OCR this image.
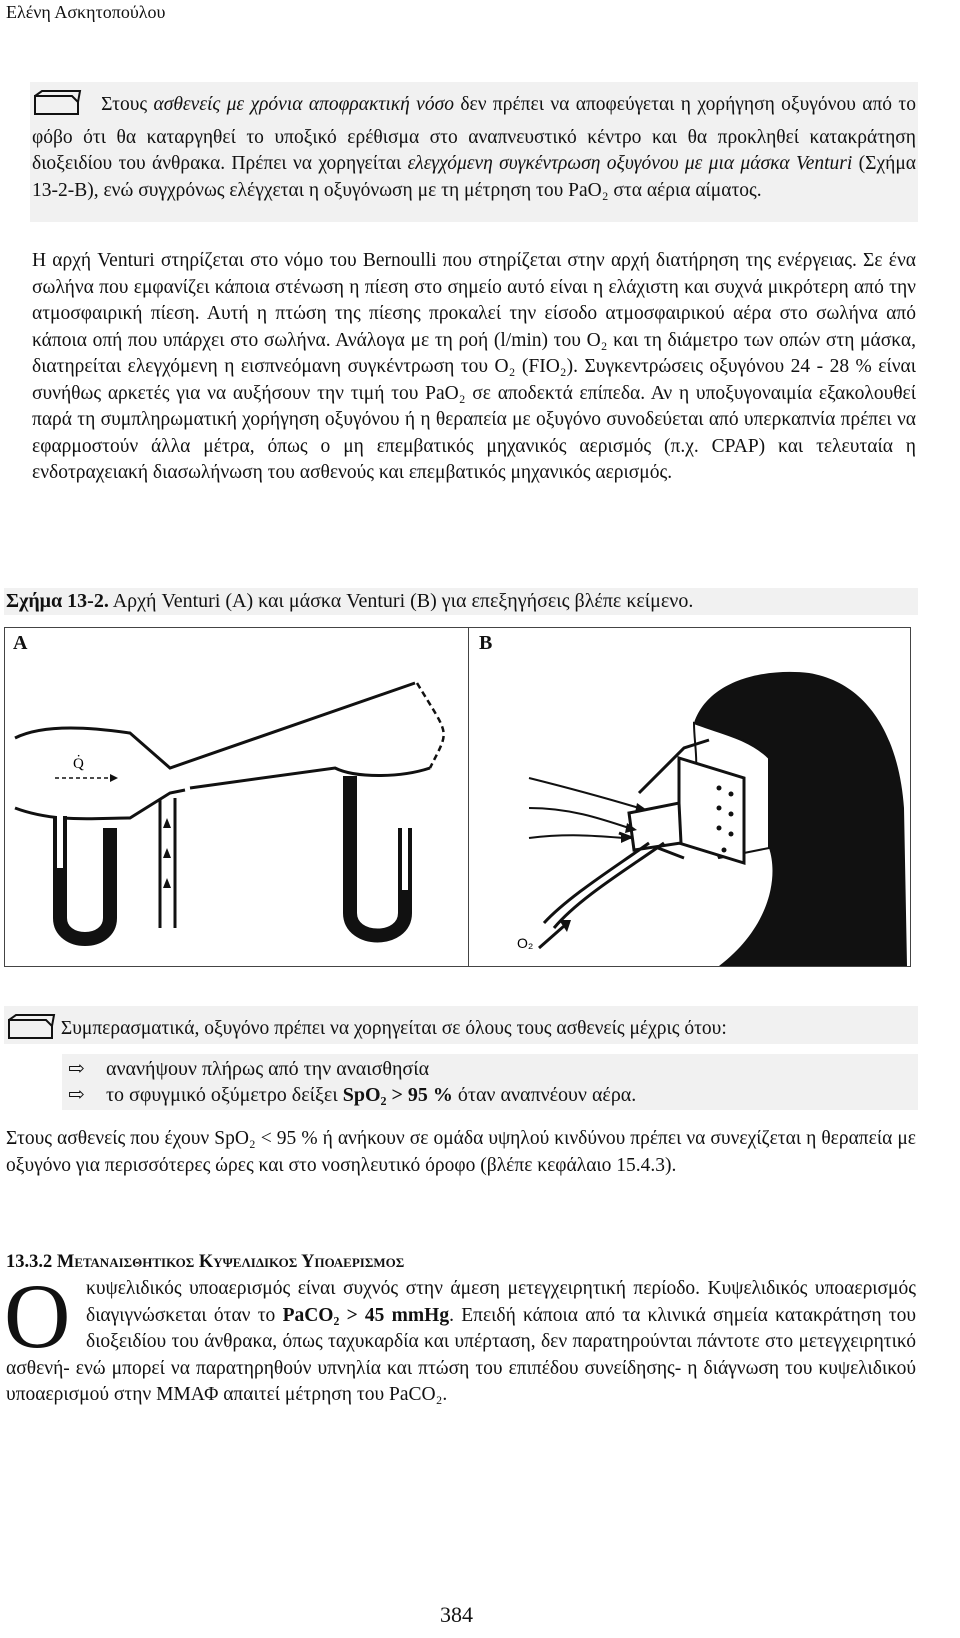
Ελένη Ασκητοπούλου
Στους ασθενείς με χρόνια αποφρακτική νόσο δεν πρέπει να αποφεύγεται η χορήγηση οξυγόνου από το φόβο ότι θα καταργηθεί το υποξικό ερέθισμα στο αναπνευστικό κέντρο και θα προκληθεί κατακράτηση διοξειδίου του άνθρακα. Πρέπει να χορηγείται ελεγχόμενη συγκέντρωση οξυγόνου με μια μάσκα Venturi (Σχήμα 13-2-Β), ενώ συγχρόνως ελέγχεται η οξυγόνωση με τη μέτρηση του PaO₂ στα αέρια αίματος.

Η αρχή Venturi στηρίζεται στο νόμο του Bernoulli που στηρίζεται στην αρχή διατήρηση της ενέργειας. Σε ένα σωλήνα που εμφανίζει κάποια στένωση η πίεση στο σημείο αυτό είναι η ελάχιστη και συχνά μικρότερη από την ατμοσφαιρική πίεση. Αυτή η πτώση της πίεσης προκαλεί την είσοδο ατμοσφαιρικού αέρα στο σωλήνα από κάποια οπή που υπάρχει στο σωλήνα. Ανάλογα με τη ροή (l/min) του O₂ και τη διάμετρο των οπών στη μάσκα, διατηρείται ελεγχόμενη η εισπνεόμανη συγκέντρωση του O₂ (FIO₂). Συγκεντρώσεις οξυγόνου 24 - 28 % είναι συνήθως αρκετές για να αυξήσουν την τιμή του PaO₂ σε αποδεκτά επίπεδα. Αν η υποξυγοναιμία εξακολουθεί παρά τη συμπληρωματική χορήγηση οξυγόνου ή η θεραπεία με οξυγόνο συνοδεύεται από υπερκαπνία πρέπει να εφαρμοστούν άλλα μέτρα, όπως ο μη επεμβατικός μηχανικός αερισμός (π.χ. CPAP) και τελευταία η ενδοτραχειακή διασωλήνωση του ασθενούς και επεμβατικός μηχανικός αερισμός.

Σχήμα 13-2. Αρχή Venturi (A) και μάσκα Venturi (B) για επεξηγήσεις βλέπε κείμενο.
A
Q̇
B
O₂
Συμπερασματικά, οξυγόνο πρέπει να χορηγείται σε όλους τους ασθενείς μέχρις ότου:
⇨ ανανήψουν πλήρως από την αναισθησία
⇨ το σφυγμικό οξύμετρο δείξει SpO₂ > 95 % όταν αναπνέουν αέρα.

Στους ασθενείς που έχουν SpO₂ < 95 % ή ανήκουν σε ομάδα υψηλού κινδύνου πρέπει να συνεχίζεται η θεραπεία με οξυγόνο για περισσότερες ώρες και στο νοσηλευτικό όροφο (βλέπε κεφάλαιο 15.4.3).

13.3.2 Μετανaισθητικος Κυψελιδικος Υποαερισμος
Ο κυψελιδικός υποαερισμός είναι συχνός στην άμεση μετεγχειρητική περίοδο. Κυψελιδικός υποαερισμός διαγιγνώσκεται όταν το PaCO₂ > 45 mmHg. Επειδή κάποια από τα κλινικά σημεία κατακράτηση του διοξειδίου του άνθρακα, όπως ταχυκαρδία και υπέρταση, δεν παρατηρούνται πάντοτε στο μετεγχειρητικό ασθενή- ενώ μπορεί να παρατηρηθούν υπνηλία και πτώση του επιπέδου συνείδησης- η διάγνωση του κυψελιδικού υποαερισμού στην ΜΜΑΦ απαιτεί μέτρηση του PaCO₂.

384
